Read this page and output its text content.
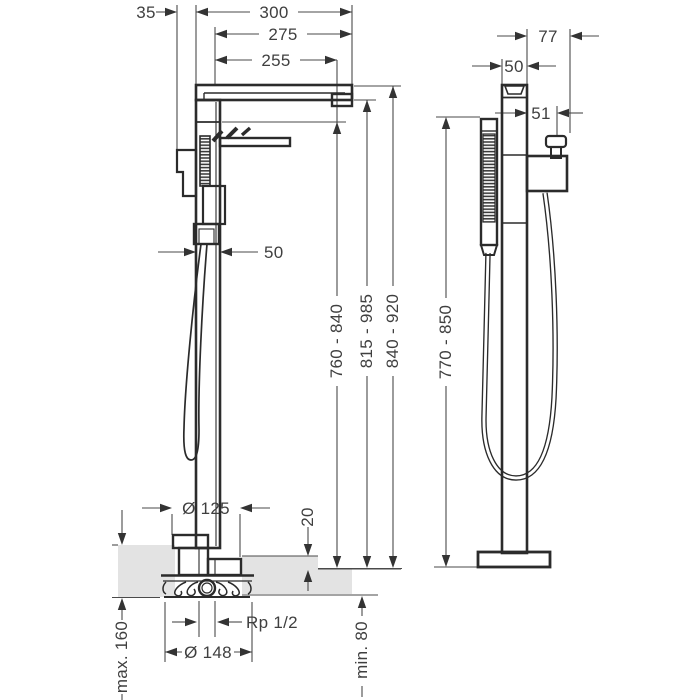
35	300
275
255
50
Ø 125	20
760 - 840 815 - 985 840 - 920
max. 160	Rp 1/2
Ø 148	min. 80
77
50
51
770 - 850
